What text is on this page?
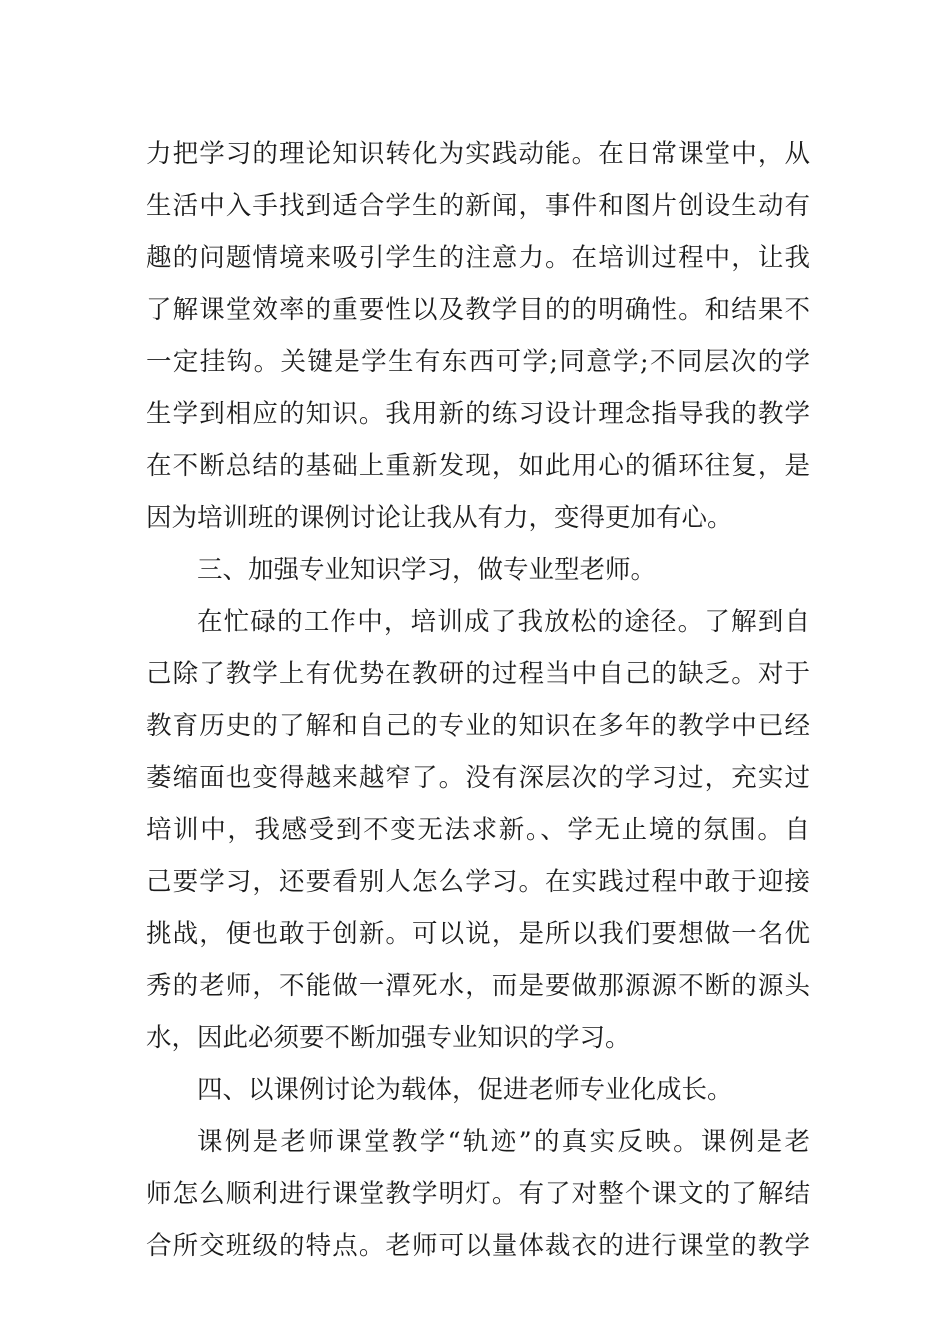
力把学习的理论知识转化为实践动能。在日常课堂中，从
生活中入手找到适合学生的新闻，事件和图片创设生动有
趣的问题情境来吸引学生的注意力。在培训过程中，让我
了解课堂效率的重要性以及教学目的的明确性。和结果不
一定挂钩。关键是学生有东西可学;同意学;不同层次的学
生学到相应的知识。我用新的练习设计理念指导我的教学
在不断总结的基础上重新发现，如此用心的循环往复，是
因为培训班的课例讨论让我从有力，变得更加有心。
三、加强专业知识学习，做专业型老师。
在忙碌的工作中，培训成了我放松的途径。了解到自
己除了教学上有优势在教研的过程当中自己的缺乏。对于
教育历史的了解和自己的专业的知识在多年的教学中已经
萎缩面也变得越来越窄了。没有深层次的学习过，充实过
培训中，我感受到不变无法求新。、学无止境的氛围。自
己要学习，还要看别人怎么学习。在实践过程中敢于迎接
挑战，便也敢于创新。可以说，是所以我们要想做一名优
秀的老师，不能做一潭死水，而是要做那源源不断的源头
水，因此必须要不断加强专业知识的学习。
四、以课例讨论为载体，促进老师专业化成长。
课例是老师课堂教学“轨迹”的真实反映。课例是老
师怎么顺利进行课堂教学明灯。有了对整个课文的了解结
合所交班级的特点。老师可以量体裁衣的进行课堂的教学
